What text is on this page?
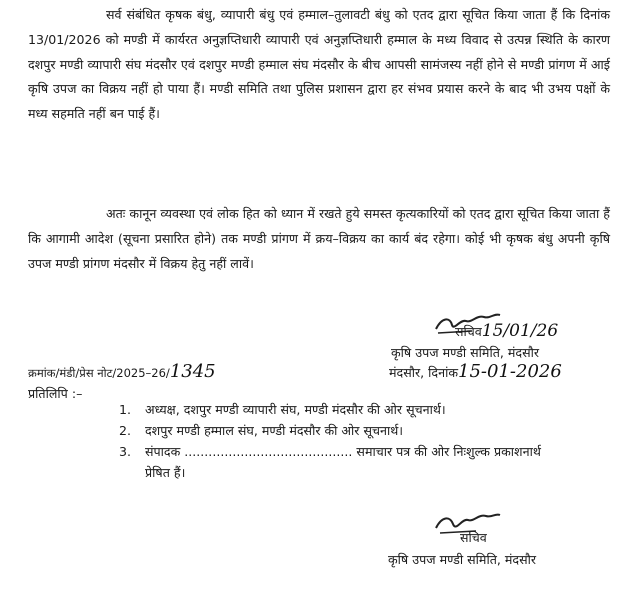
सर्व संबंधित कृषक बंधु, व्यापारी बंधु एवं हम्माल–तुलावटी बंधु को एतद द्वारा सूचित किया जाता हैं कि दिनांक 13/01/2026 को मण्डी में कार्यरत अनुज्ञप्तिधारी व्यापारी एवं अनुज्ञप्तिधारी हम्माल के मध्य विवाद से उत्पन्न स्थिति के कारण दशपुर मण्डी व्यापारी संघ मंदसौर एवं दशपुर मण्डी हम्माल संघ मंदसौर के बीच आपसी सामंजस्य नहीं होने से मण्डी प्रांगण में आई कृषि उपज का विक्रय नहीं हो पाया हैं। मण्डी समिति तथा पुलिस प्रशासन द्वारा हर संभव प्रयास करने के बाद भी उभय पक्षों के मध्य सहमति नहीं बन पाई हैं।

अतः कानून व्यवस्था एवं लोक हित को ध्यान में रखते हुये समस्त कृत्यकारियों को एतद द्वारा सूचित किया जाता हैं कि आगामी आदेश (सूचना प्रसारित होने) तक मण्डी प्रांगण में क्रय–विक्रय का कार्य बंद रहेगा। कोई भी कृषक बंधु अपनी कृषि उपज मण्डी प्रांगण मंदसौर में विक्रय हेतु नहीं लावें।

सचिव15/01/26
कृषि उपज मण्डी समिति, मंदसौर
मंदसौर, दिनांक15-01-2026
क्रमांक/मंडी/प्रेस नोट/2025–26/1345
प्रतिलिपि :–
1.	अध्यक्ष, दशपुर मण्डी व्यापारी संघ, मण्डी मंदसौर की ओर सूचनार्थ।
2.	दशपुर मण्डी हम्माल संघ, मण्डी मंदसौर की ओर सूचनार्थ।
3.	संपादक .......................................... समाचार पत्र की ओर निःशुल्क प्रकाशनार्थ प्रेषित हैं।
सचिव
कृषि उपज मण्डी समिति, मंदसौर
